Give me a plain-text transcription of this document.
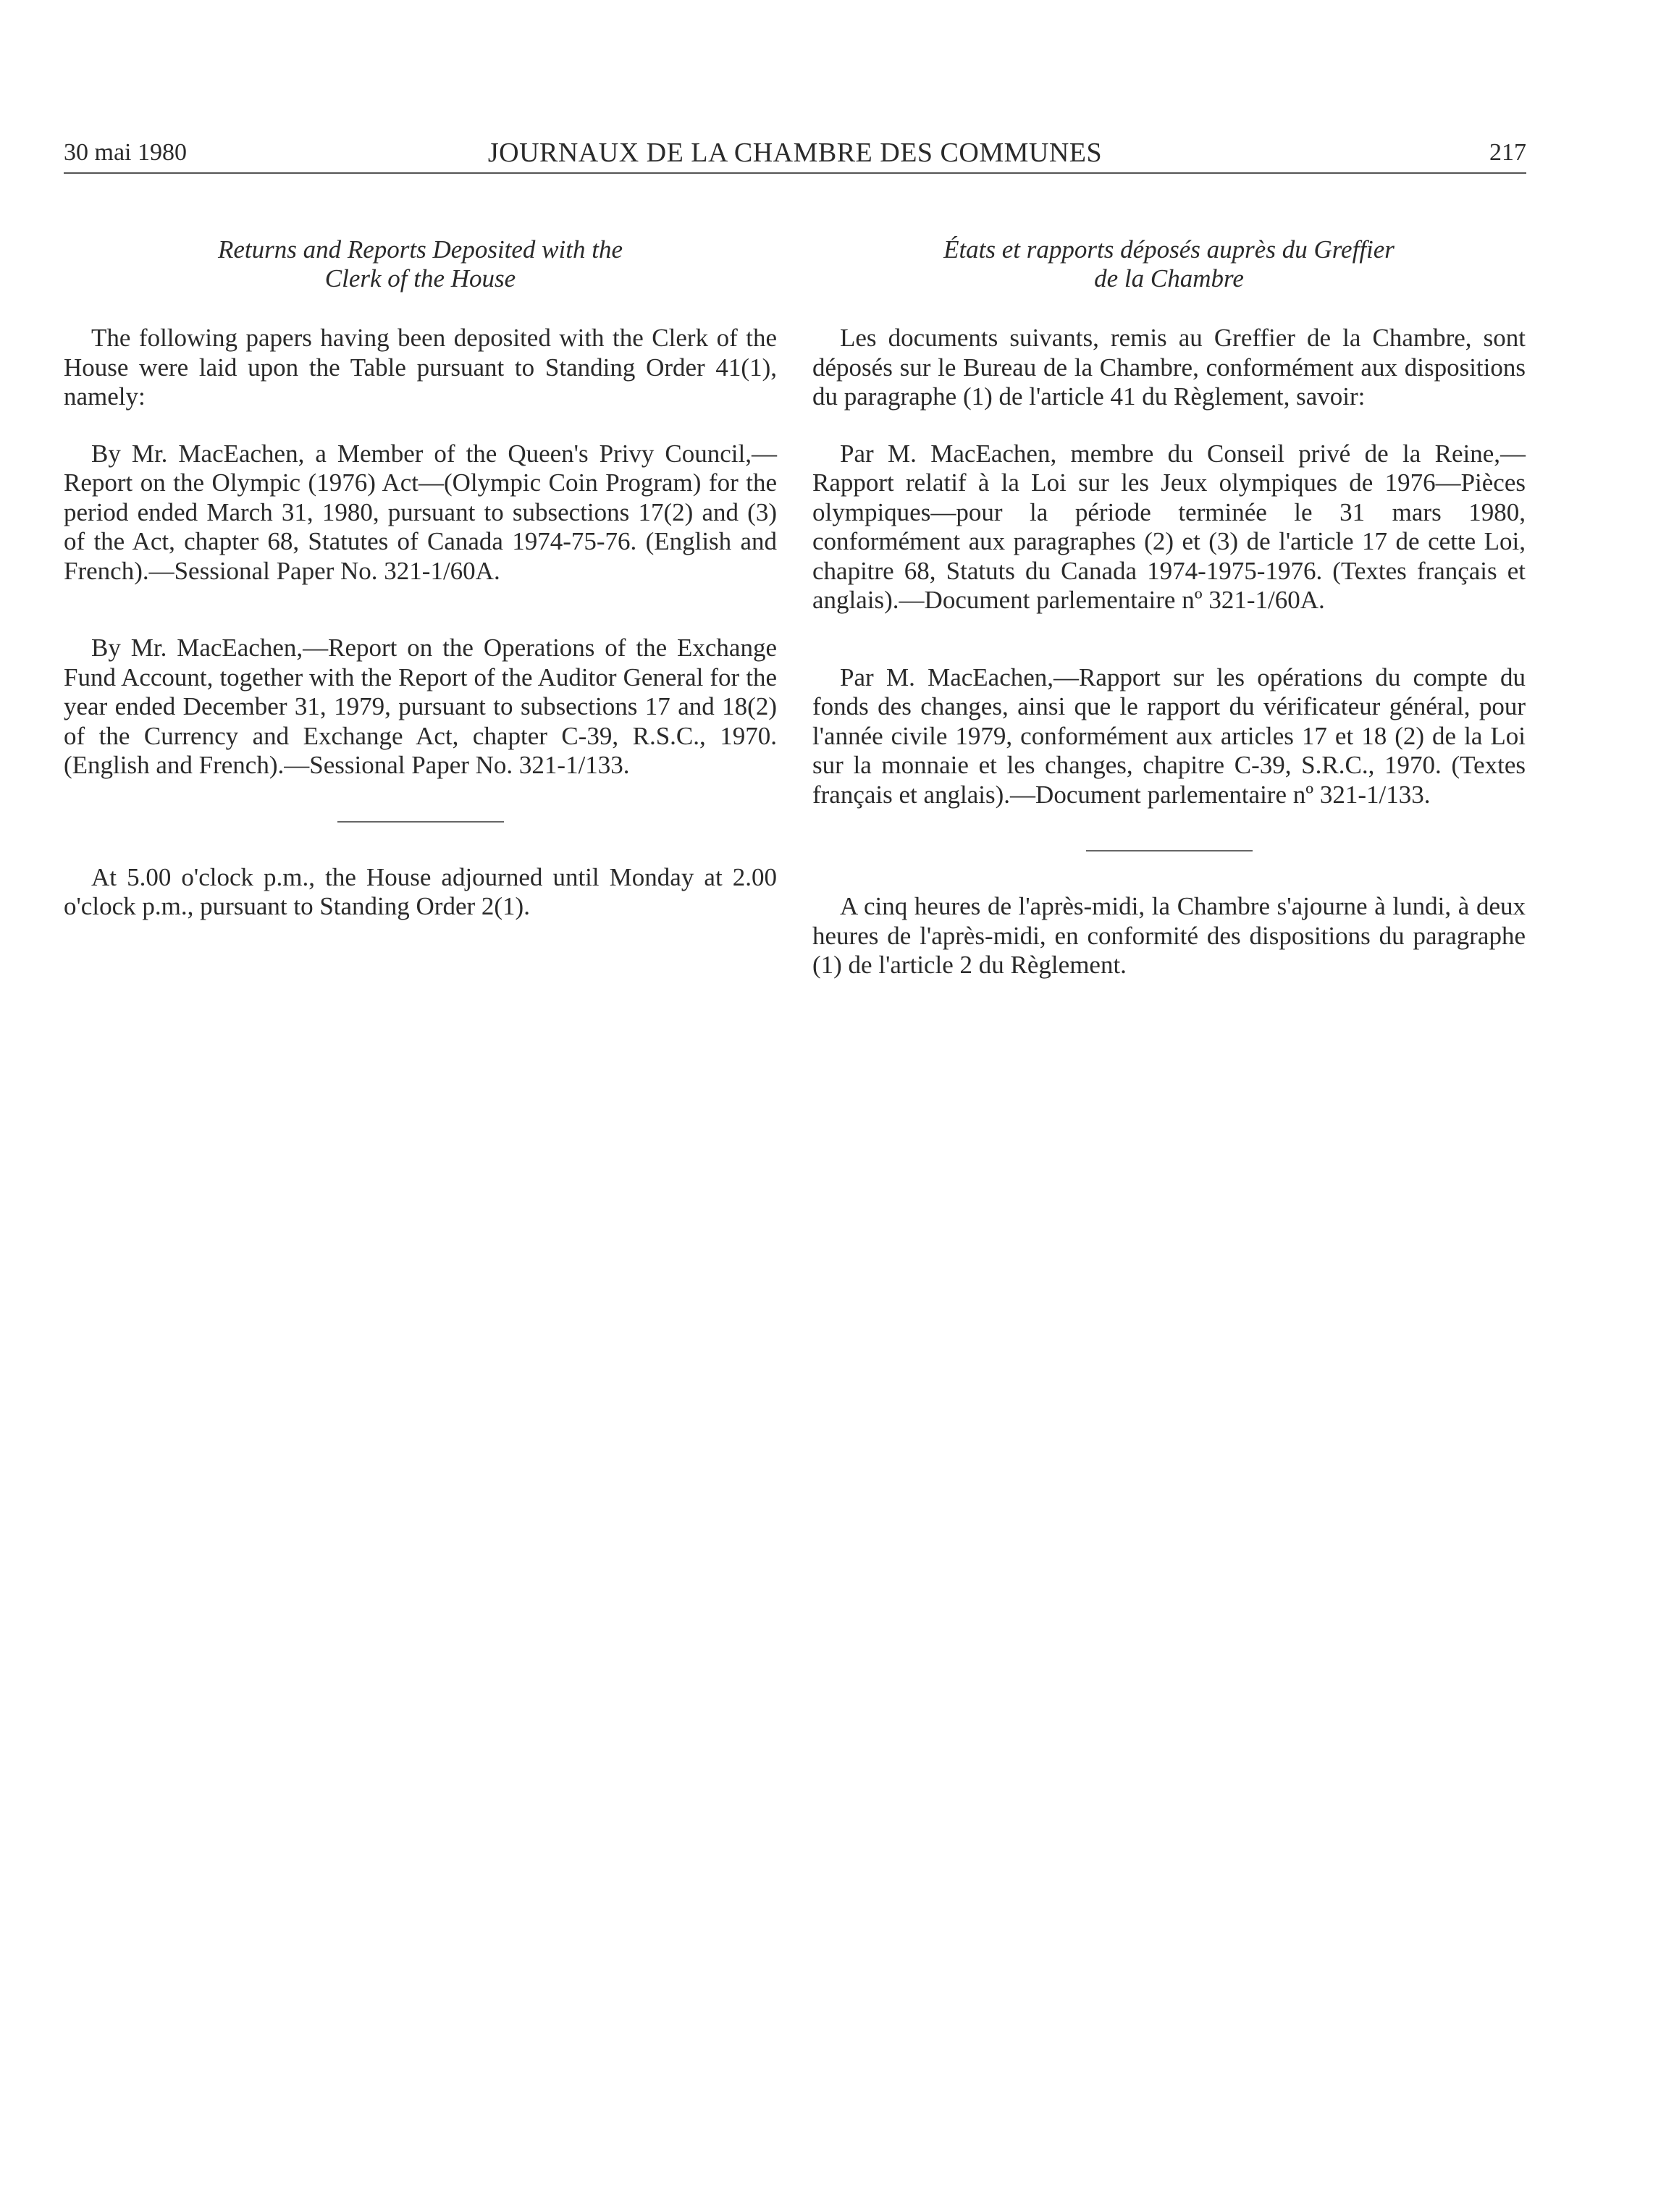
30 mai 1980	JOURNAUX DE LA CHAMBRE DES COMMUNES	217
Returns and Reports Deposited with the
Clerk of the House

The following papers having been deposited with the Clerk of the House were laid upon the Table pursuant to Standing Order 41(1), namely:

By Mr. MacEachen, a Member of the Queen's Privy Council,—Report on the Olympic (1976) Act—(Olympic Coin Program) for the period ended March 31, 1980, pursuant to subsections 17(2) and (3) of the Act, chapter 68, Statutes of Canada 1974-75-76. (English and French).—Sessional Paper No. 321-1/60A.

By Mr. MacEachen,—Report on the Operations of the Exchange Fund Account, together with the Report of the Auditor General for the year ended December 31, 1979, pursuant to subsections 17 and 18(2) of the Currency and Exchange Act, chapter C-39, R.S.C., 1970. (English and French).—Sessional Paper No. 321-1/133.

At 5.00 o'clock p.m., the House adjourned until Monday at 2.00 o'clock p.m., pursuant to Standing Order 2(1).

États et rapports déposés auprès du Greffier
de la Chambre

Les documents suivants, remis au Greffier de la Chambre, sont déposés sur le Bureau de la Chambre, conformément aux dispositions du paragraphe (1) de l'article 41 du Règlement, savoir:

Par M. MacEachen, membre du Conseil privé de la Reine,—Rapport relatif à la Loi sur les Jeux olympiques de 1976—Pièces olympiques—pour la période terminée le 31 mars 1980, conformément aux paragraphes (2) et (3) de l'article 17 de cette Loi, chapitre 68, Statuts du Canada 1974-1975-1976. (Textes français et anglais).—Document parlementaire nº 321-1/60A.

Par M. MacEachen,—Rapport sur les opérations du compte du fonds des changes, ainsi que le rapport du vérificateur général, pour l'année civile 1979, conformément aux articles 17 et 18 (2) de la Loi sur la monnaie et les changes, chapitre C-39, S.R.C., 1970. (Textes français et anglais).—Document parlementaire nº 321-1/133.

A cinq heures de l'après-midi, la Chambre s'ajourne à lundi, à deux heures de l'après-midi, en conformité des dispositions du paragraphe (1) de l'article 2 du Règlement.
